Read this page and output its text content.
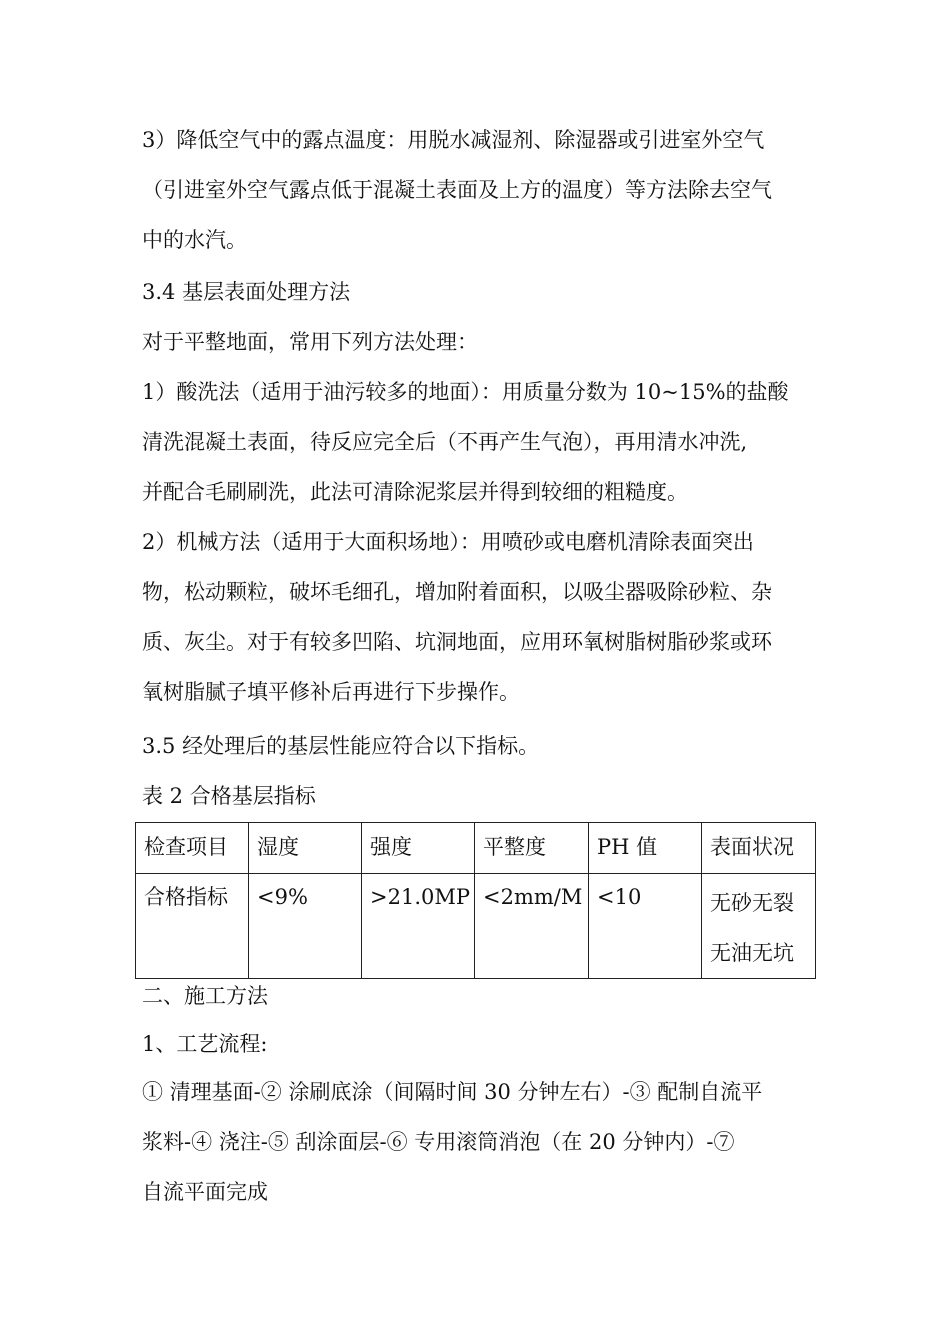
3）降低空气中的露点温度：用脱水减湿剂、除湿器或引进室外空气
（引进室外空气露点低于混凝土表面及上方的温度）等方法除去空气
中的水汽。
3.4 基层表面处理方法
对于平整地面，常用下列方法处理：
1）酸洗法（适用于油污较多的地面）：用质量分数为 10~15%的盐酸
清洗混凝土表面，待反应完全后（不再产生气泡），再用清水冲洗,
并配合毛刷刷洗，此法可清除泥浆层并得到较细的粗糙度。
2）机械方法（适用于大面积场地）：用喷砂或电磨机清除表面突出
物，松动颗粒，破坏毛细孔，增加附着面积，以吸尘器吸除砂粒、杂
质、灰尘。对于有较多凹陷、坑洞地面，应用环氧树脂树脂砂浆或环
氧树脂腻子填平修补后再进行下步操作。
3.5 经处理后的基层性能应符合以下指标。
表 2 合格基层指标
检查项目	湿度	强度	平整度	PH 值	表面状况
合格指标	<9%	>21.0MP	<2mm/M	<10	无砂无裂
无油无坑
二、施工方法
1、工艺流程:
① 清理基面-② 涂刷底涂（间隔时间 30 分钟左右）-③ 配制自流平
浆料-④ 浇注-⑤ 刮涂面层-⑥ 专用滚筒消泡（在 20 分钟内）-⑦
自流平面完成
